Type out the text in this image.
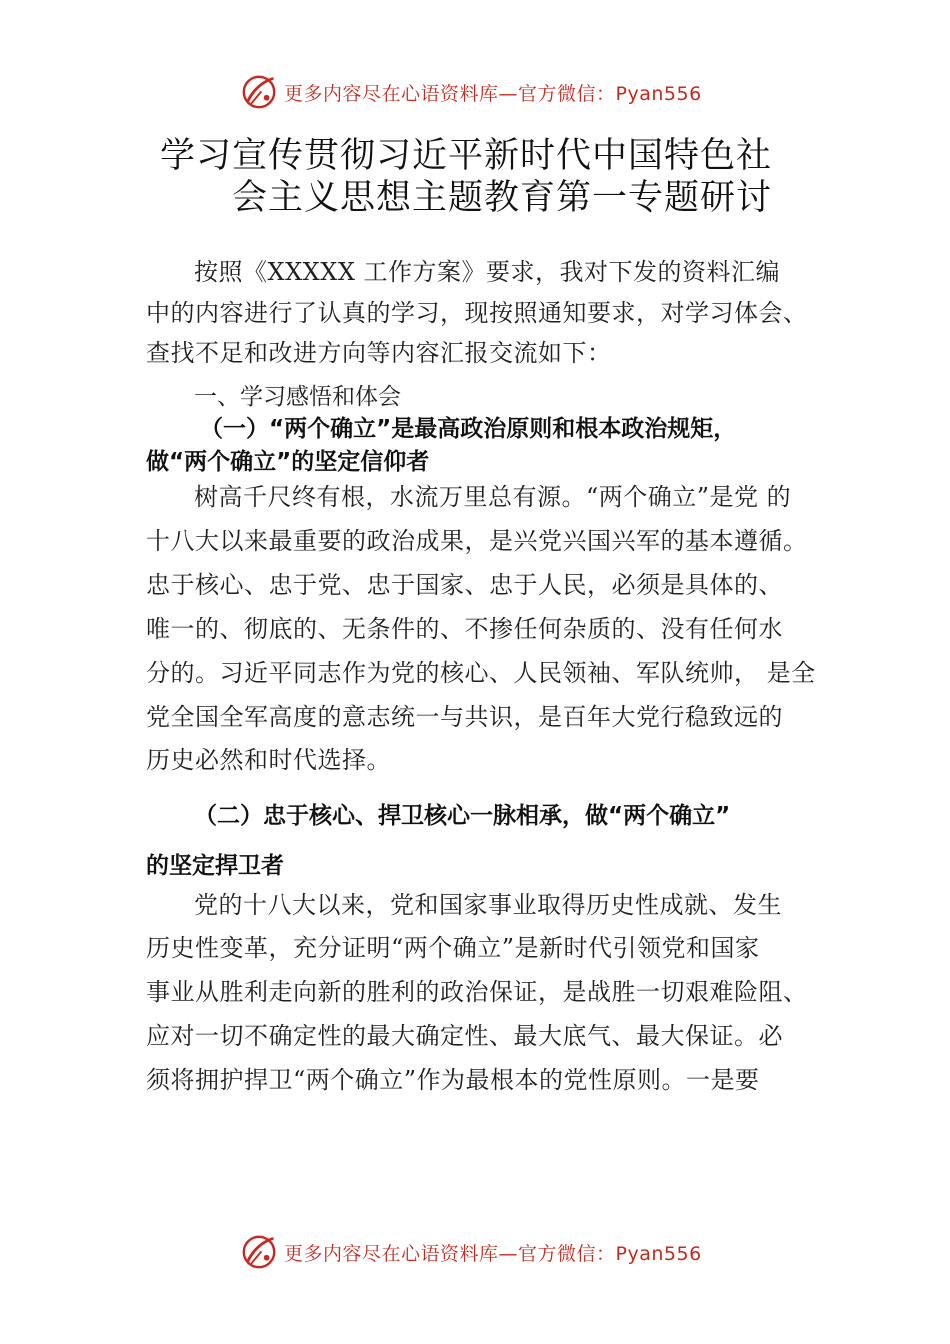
更多内容尽在心语资料库—官方微信：Pyan556
学习宣传贯彻习近平新时代中国特色社
会主义思想主题教育第一专题研讨
按照《XXXXX 工作方案》要求，我对下发的资料汇编
中的内容进行了认真的学习，现按照通知要求，对学习体会、
查找不足和改进方向等内容汇报交流如下：
一、学习感悟和体会
（一）“两个确立”是最高政治原则和根本政治规矩，
做“两个确立”的坚定信仰者
树高千尺终有根，水流万里总有源。“两个确立”是党 的
十八大以来最重要的政治成果，是兴党兴国兴军的基本遵循。
忠于核心、忠于党、忠于国家、忠于人民，必须是具体的、
唯一的、彻底的、无条件的、不掺任何杂质的、没有任何水
分的。习近平同志作为党的核心、人民领袖、军队统帅， 是全
党全国全军高度的意志统一与共识，是百年大党行稳致远的
历史必然和时代选择。
（二）忠于核心、捍卫核心一脉相承，做“两个确立”
的坚定捍卫者
党的十八大以来，党和国家事业取得历史性成就、发生
历史性变革，充分证明“两个确立”是新时代引领党和国家
事业从胜利走向新的胜利的政治保证，是战胜一切艰难险阻、
应对一切不确定性的最大确定性、最大底气、最大保证。必
须将拥护捍卫“两个确立”作为最根本的党性原则。一是要
更多内容尽在心语资料库—官方微信：Pyan556
